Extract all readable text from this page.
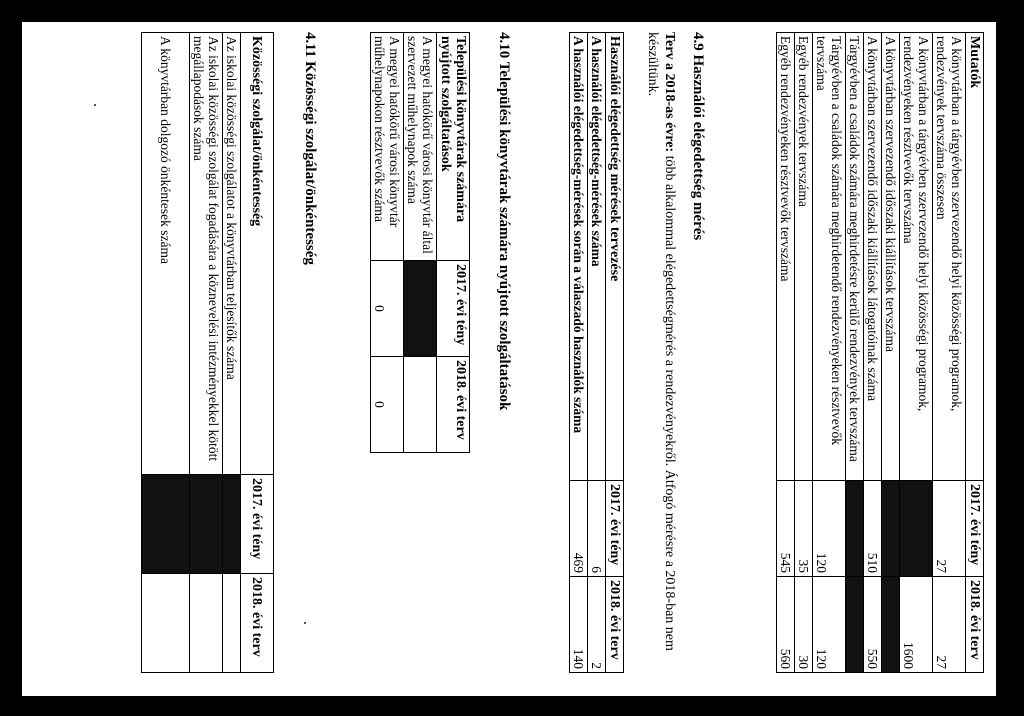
Mutatók	2017. évi tény	2018. évi terv
A könyvtárban a tárgyévben szervezendő helyi közösségi programok, rendezvények tervszáma összesen	27	27
A könyvtárban a tárgyévben szervezendő helyi közösségi programok, rendezvényeken résztvevők tervszáma		1600
A könyvtárban szervezendő időszaki kiállítások tervszáma		
A könyvtárban szervezendő időszaki kiállítások látogatóinak száma	510	550
Tárgyévben a családok számára meghirdetésre kerülő rendezvények tervszáma		
Tárgyévben a családok számára meghirdetendő rendezvényeken résztvevők tervszáma	120	120
Egyéb rendezvények tervszáma	35	30
Egyéb rendezvényeken résztvevők tervszáma	545	560
4.9 Használói elégedettség mérés
Terv a 2018-as évre: több alkalommal elégedettségmérés a rendezvényekről. Átfogó mérésre a 2018-ban nem készültünk.
Használói elégedettség mérések tervezése	2017. évi tény	2018. évi terv
A használói elégedettség-mérések száma	6	2
A használói elégedettség-mérések során a válaszadó használók száma	469	140
4.10 Települési könyvtárak számára nyújtott szolgáltatások
Települési könyvtárak számára nyújtott szolgáltatások	2017. évi tény	2018. évi terv
A megyei hatókörű városi könyvtár által szervezett műhelynapok száma		
A megyei hatókörű városi könyvtár műhelynapokon résztvevők száma	0	0
4.11 Közösségi szolgálat/önkéntesség
Közösségi szolgálat/önkéntesség	2017. évi tény	2018. évi terv
Az iskolai közösségi szolgálatot a könyvtárban teljesítők száma		
Az iskolai közösségi szolgálat fogadására a köznevelési intézményekkel kötött megállapodások száma		
A könyvtárban dolgozó önkéntesek száma		
